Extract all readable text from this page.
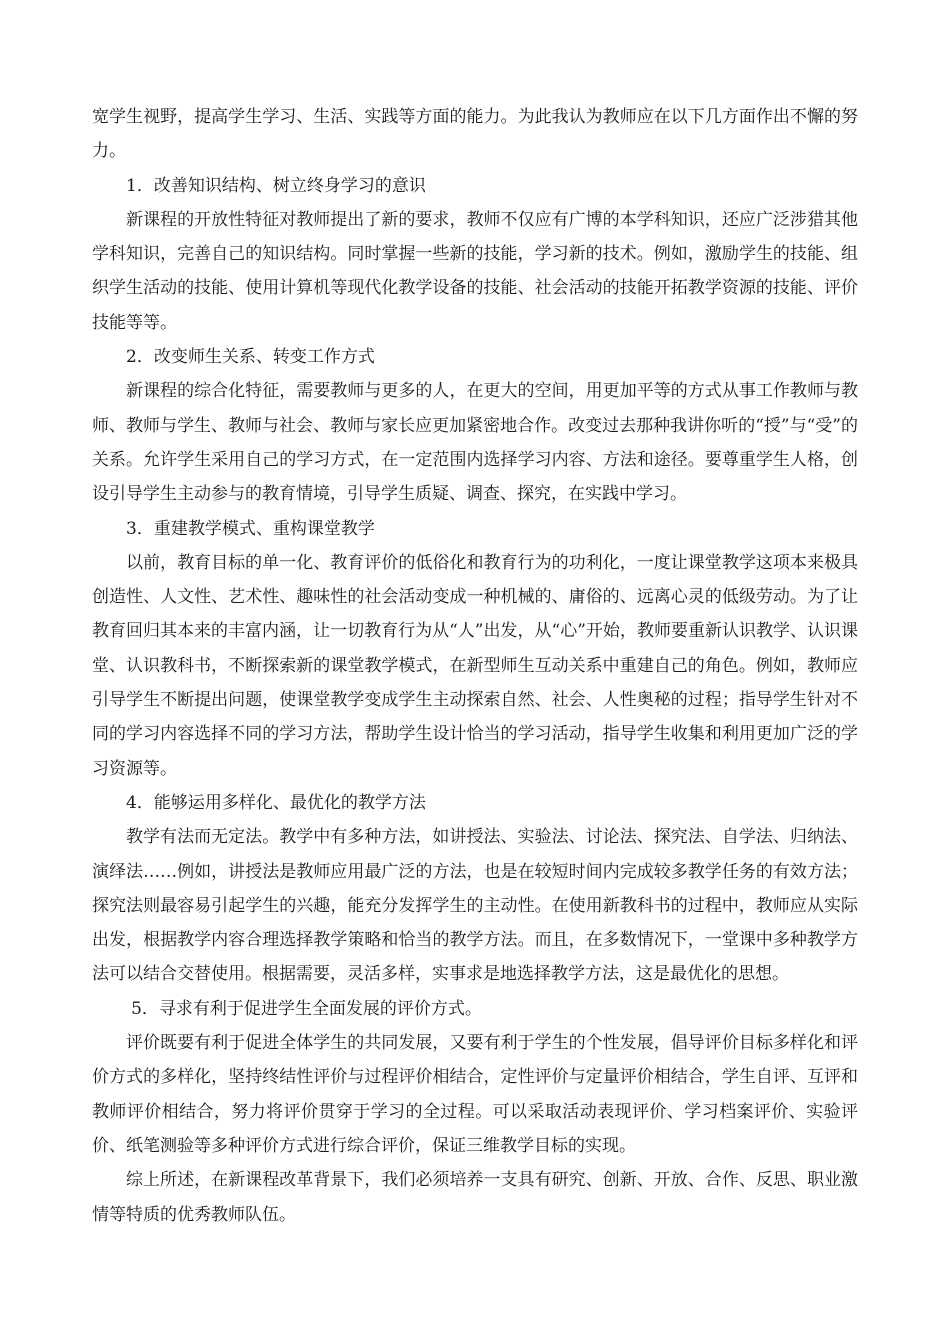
宽学生视野，提高学生学习、生活、实践等方面的能力。为此我认为教师应在以下几方面作出不懈的努力。

1．改善知识结构、树立终身学习的意识

新课程的开放性特征对教师提出了新的要求，教师不仅应有广博的本学科知识，还应广泛涉猎其他学科知识，完善自己的知识结构。同时掌握一些新的技能，学习新的技术。例如，激励学生的技能、组织学生活动的技能、使用计算机等现代化教学设备的技能、社会活动的技能开拓教学资源的技能、评价技能等等。

2．改变师生关系、转变工作方式

新课程的综合化特征，需要教师与更多的人，在更大的空间，用更加平等的方式从事工作教师与教师、教师与学生、教师与社会、教师与家长应更加紧密地合作。改变过去那种我讲你听的“授”与“受”的关系。允许学生采用自己的学习方式，在一定范围内选择学习内容、方法和途径。要尊重学生人格，创设引导学生主动参与的教育情境，引导学生质疑、调查、探究，在实践中学习。

3．重建教学模式、重构课堂教学

以前，教育目标的单一化、教育评价的低俗化和教育行为的功利化，一度让课堂教学这项本来极具创造性、人文性、艺术性、趣味性的社会活动变成一种机械的、庸俗的、远离心灵的低级劳动。为了让教育回归其本来的丰富内涵，让一切教育行为从“人”出发，从“心”开始，教师要重新认识教学、认识课堂、认识教科书，不断探索新的课堂教学模式，在新型师生互动关系中重建自己的角色。例如，教师应引导学生不断提出问题，使课堂教学变成学生主动探索自然、社会、人性奥秘的过程；指导学生针对不同的学习内容选择不同的学习方法，帮助学生设计恰当的学习活动，指导学生收集和利用更加广泛的学习资源等。

4．能够运用多样化、最优化的教学方法

教学有法而无定法。教学中有多种方法，如讲授法、实验法、讨论法、探究法、自学法、归纳法、演绎法……例如，讲授法是教师应用最广泛的方法，也是在较短时间内完成较多教学任务的有效方法；探究法则最容易引起学生的兴趣，能充分发挥学生的主动性。在使用新教科书的过程中，教师应从实际出发，根据教学内容合理选择教学策略和恰当的教学方法。而且，在多数情况下，一堂课中多种教学方法可以结合交替使用。根据需要，灵活多样，实事求是地选择教学方法，这是最优化的思想。

5．寻求有利于促进学生全面发展的评价方式。

评价既要有利于促进全体学生的共同发展，又要有利于学生的个性发展，倡导评价目标多样化和评价方式的多样化，坚持终结性评价与过程评价相结合，定性评价与定量评价相结合，学生自评、互评和教师评价相结合，努力将评价贯穿于学习的全过程。可以采取活动表现评价、学习档案评价、实验评价、纸笔测验等多种评价方式进行综合评价，保证三维教学目标的实现。

综上所述，在新课程改革背景下，我们必须培养一支具有研究、创新、开放、合作、反思、职业激情等特质的优秀教师队伍。
